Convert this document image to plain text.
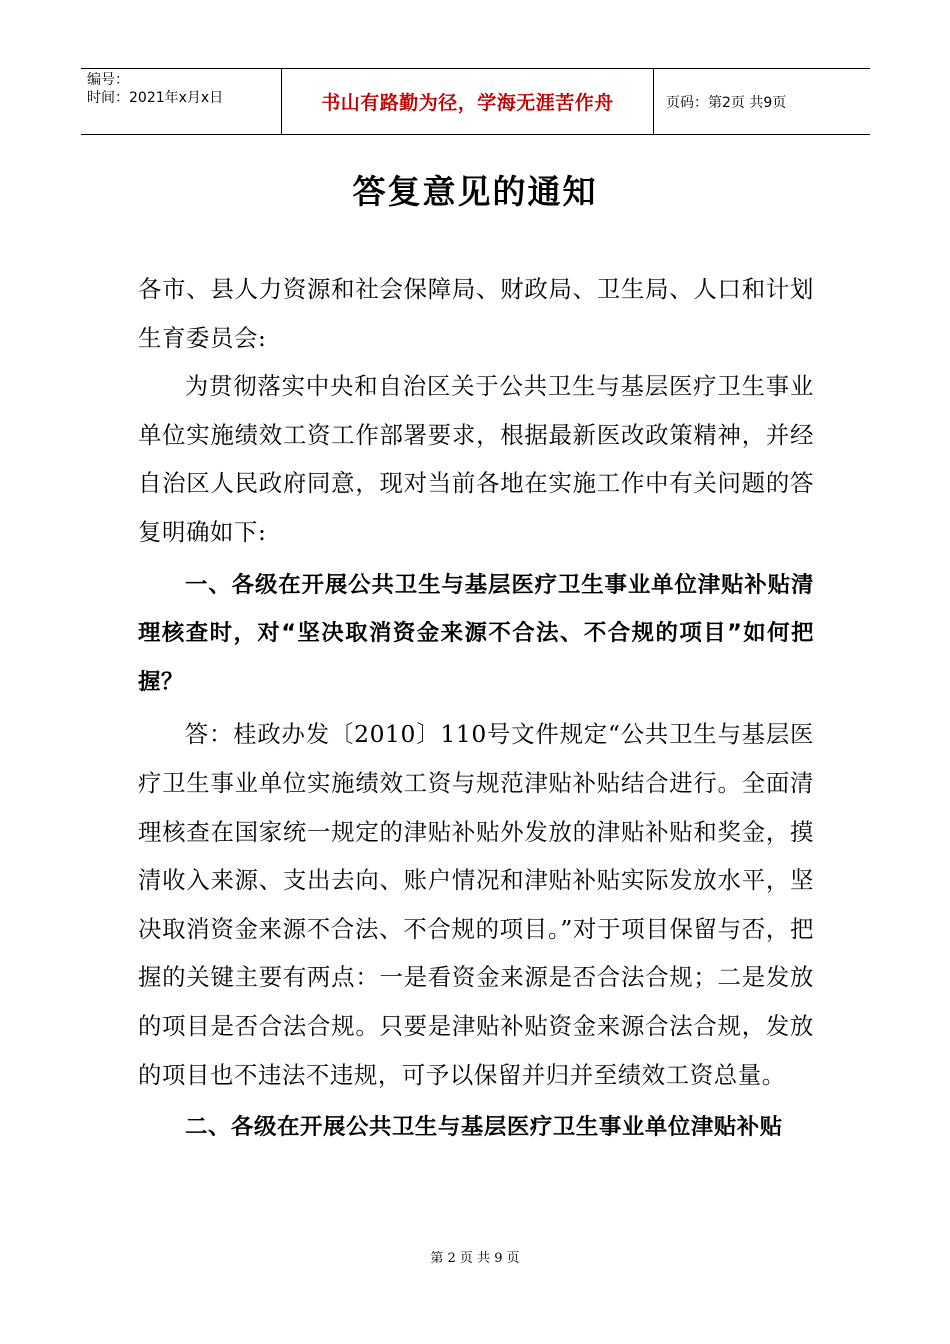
编号：
时间：2021年x月x日	书山有路勤为径，学海无涯苦作舟	页码：第2页 共9页
答复意见的通知

各市、县人力资源和社会保障局、财政局、卫生局、人口和计划生育委员会:

为贯彻落实中央和自治区关于公共卫生与基层医疗卫生事业单位实施绩效工资工作部署要求，根据最新医改政策精神，并经自治区人民政府同意，现对当前各地在实施工作中有关问题的答复明确如下:

一、各级在开展公共卫生与基层医疗卫生事业单位津贴补贴清理核查时，对“坚决取消资金来源不合法、不合规的项目”如何把握？

答：桂政办发〔2010〕110号文件规定“公共卫生与基层医疗卫生事业单位实施绩效工资与规范津贴补贴结合进行。全面清理核查在国家统一规定的津贴补贴外发放的津贴补贴和奖金，摸清收入来源、支出去向、账户情况和津贴补贴实际发放水平，坚决取消资金来源不合法、不合规的项目。”对于项目保留与否，把握的关键主要有两点：一是看资金来源是否合法合规；二是发放的项目是否合法合规。只要是津贴补贴资金来源合法合规，发放的项目也不违法不违规，可予以保留并归并至绩效工资总量。

二、各级在开展公共卫生与基层医疗卫生事业单位津贴补贴

第 2 页 共 9 页
